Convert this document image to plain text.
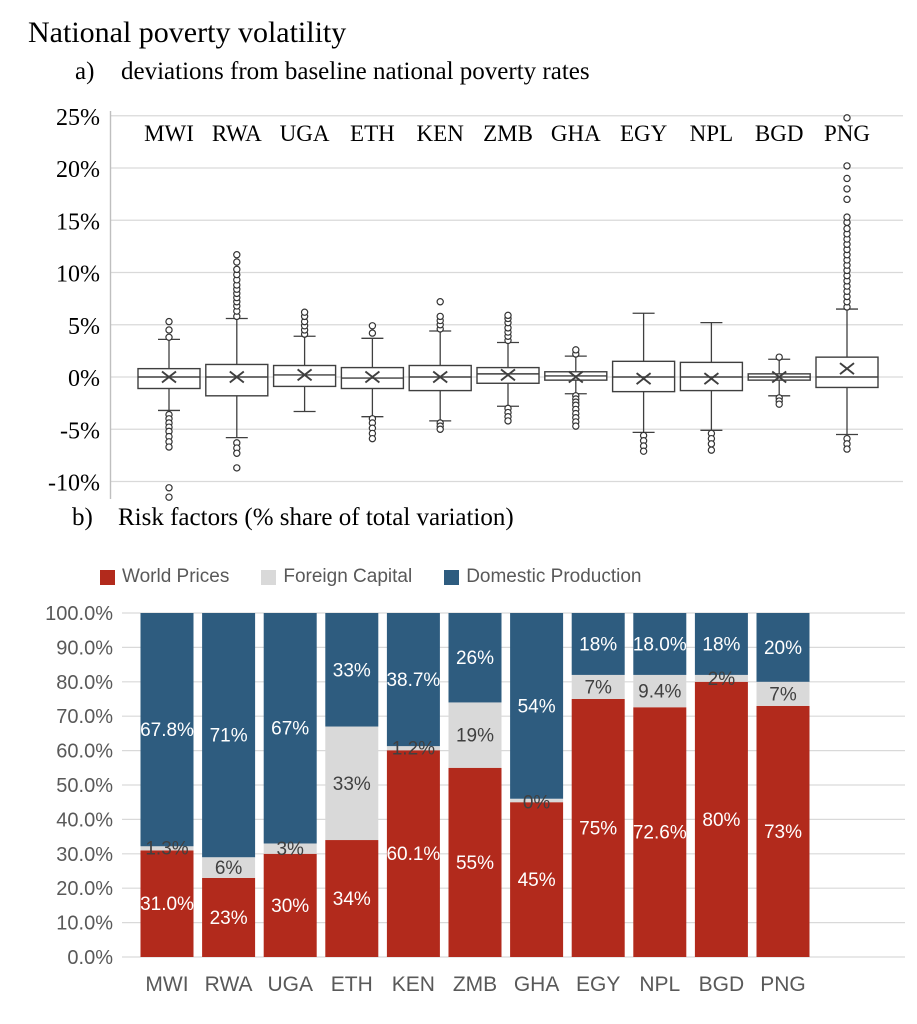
National poverty volatility
a) deviations from baseline national poverty rates
25%
20%
15%
10%
5%
0%
-5%
-10%
MWI RWA UGA ETH KEN ZMB GHA EGY NPL BGD PNG
b) Risk factors (% share of total variation)
World Prices	Foreign Capital	Domestic Production
100.0%
90.0%
80.0%
70.0%
60.0%
50.0%
40.0%
30.0%
20.0%
10.0%
0.0%
31.0%
1.3%
67.8%
MWI
23%
6%
71%
RWA
30%
3%
67%
UGA
34%
33%
33%
ETH
60.1%
1.2%
38.7%
KEN
55%
19%
26%
ZMB
45%
0%
54%
GHA
75%
7%
18%
EGY
72.6%
9.4%
18.0%
NPL
80%
2%
18%
BGD
73%
7%
20%
PNG
